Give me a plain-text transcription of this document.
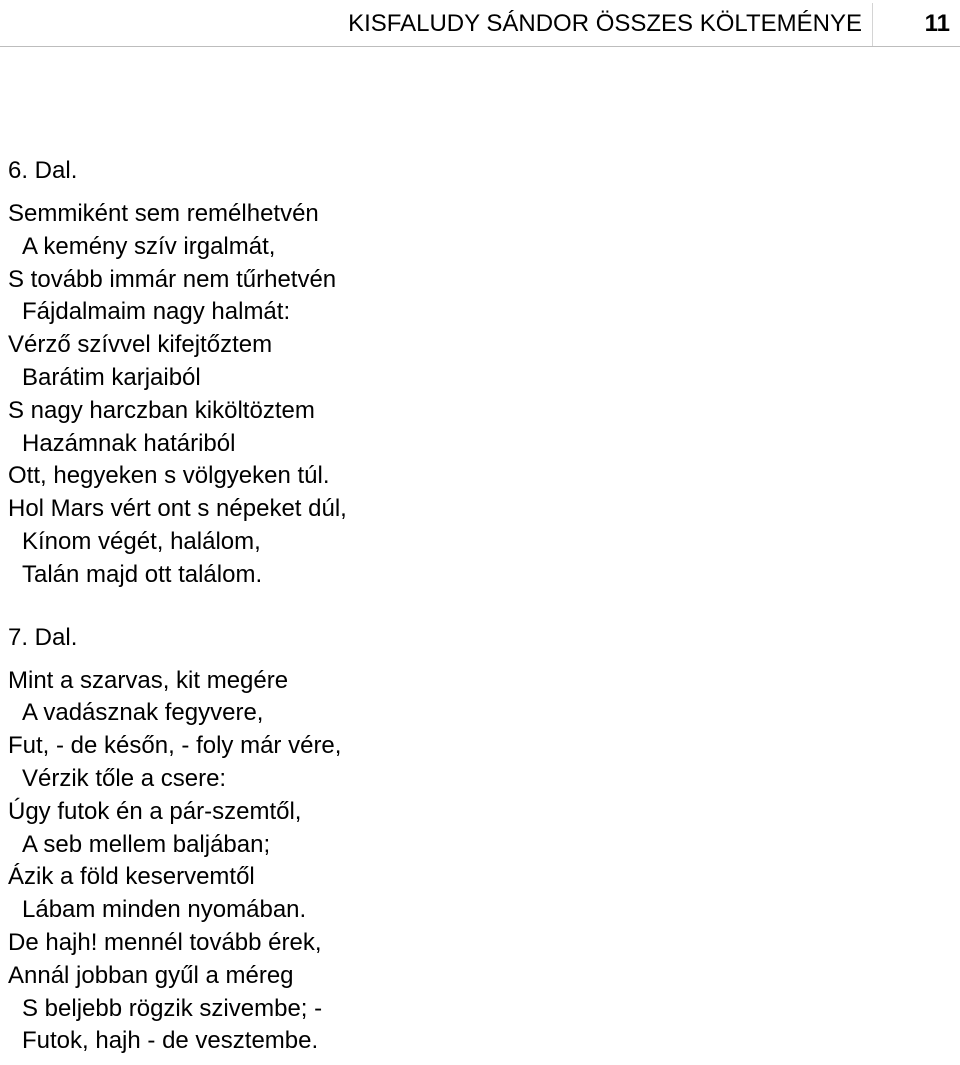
KISFALUDY SÁNDOR ÖSSZES KÖLTEMÉNYE	11
6. Dal.
Semmiként sem remélhetvén
A kemény szív irgalmát,
S tovább immár nem tűrhetvén
Fájdalmaim nagy halmát:
Vérző szívvel kifejtőztem
Barátim karjaiból
S nagy harczban kiköltöztem
Hazámnak határiból
Ott, hegyeken s völgyeken túl.
Hol Mars vért ont s népeket dúl,
Kínom végét, halálom,
Talán majd ott találom.
7. Dal.
Mint a szarvas, kit megére
A vadásznak fegyvere,
Fut, - de későn, - foly már vére,
Vérzik tőle a csere:
Úgy futok én a pár-szemtől,
A seb mellem baljában;
Ázik a föld keservemtől
Lábam minden nyomában.
De hajh! mennél tovább érek,
Annál jobban gyűl a méreg
S beljebb rögzik szivembe; -
Futok, hajh - de vesztembe.
